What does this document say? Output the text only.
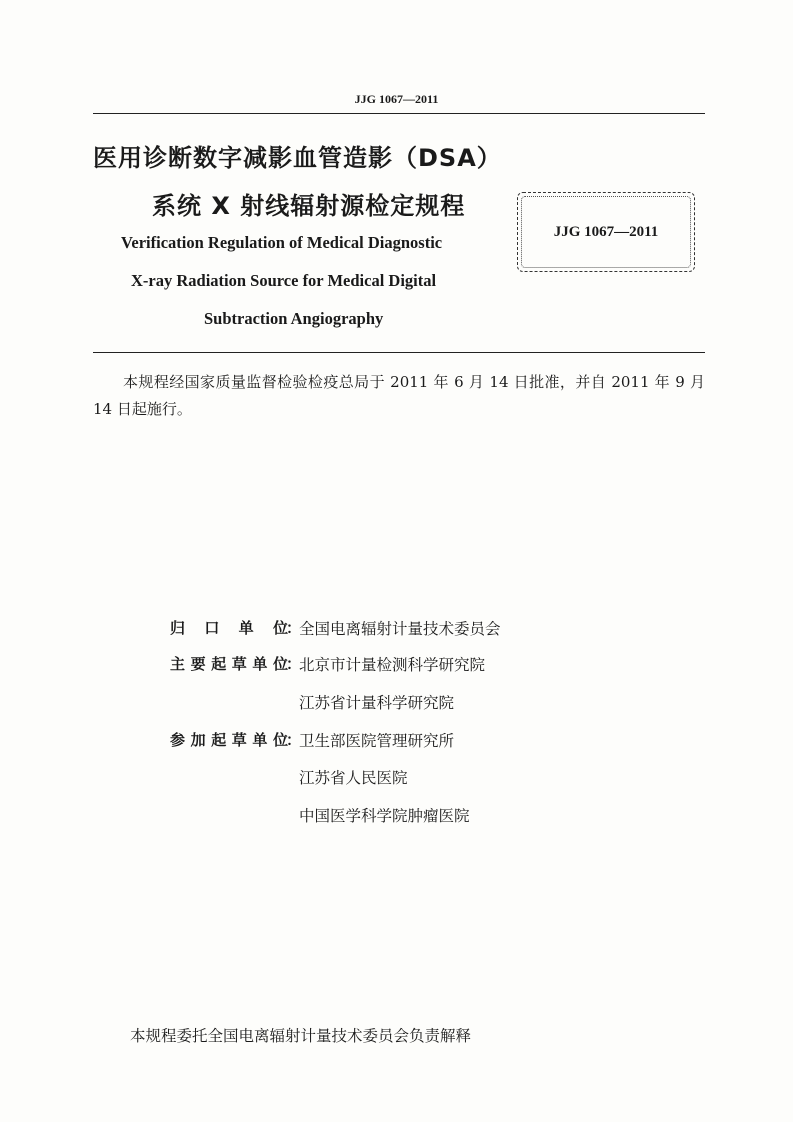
JJG 1067—2011
医用诊断数字减影血管造影（DSA）
系统 X 射线辐射源检定规程
Verification Regulation of Medical Diagnostic
X-ray Radiation Source for Medical Digital
Subtraction Angiography
JJG 1067—2011
本规程经国家质量监督检验检疫总局于 2011 年 6 月 14 日批准，并自 2011 年 9 月 14 日起施行。
归 口 单 位
：
全国电离辐射计量技术委员会
主要起草单位
：
北京市计量检测科学研究院
江苏省计量科学研究院
参加起草单位
：
卫生部医院管理研究所
江苏省人民医院
中国医学科学院肿瘤医院
本规程委托全国电离辐射计量技术委员会负责解释
